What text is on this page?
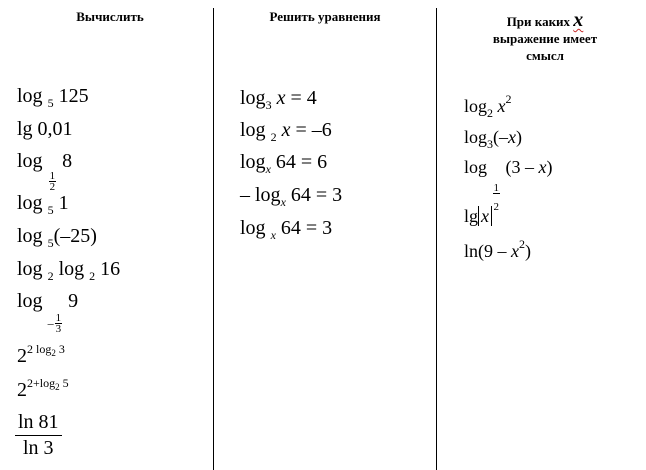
Вычислить	Решить уравнения	При каких x
выражение имеет
смысл
log $_5$ 125
lg 0,01
log
$\frac{1}{2}$
8
log $_5$ 1
log $_5$(–25)
log $_2$ log $_2$ 16
log
– $\frac{1}{3}$
9
$2^{2 log_2 3}$
$2^{2+log_2 5}$
$\frac{\ln 81}{\ln 3}$
$\log_3 x = 4$
log $_2$ x = –6
$\log_x 64 = 6$
– $\log_x 64 = 3$
log $_x$ 64 = 3
$\log_2 x^2$
$\log_3(-x)$
log
$\frac{1}{2}$
(3 – x)
lg x
$\ln(9 - x^2)$
